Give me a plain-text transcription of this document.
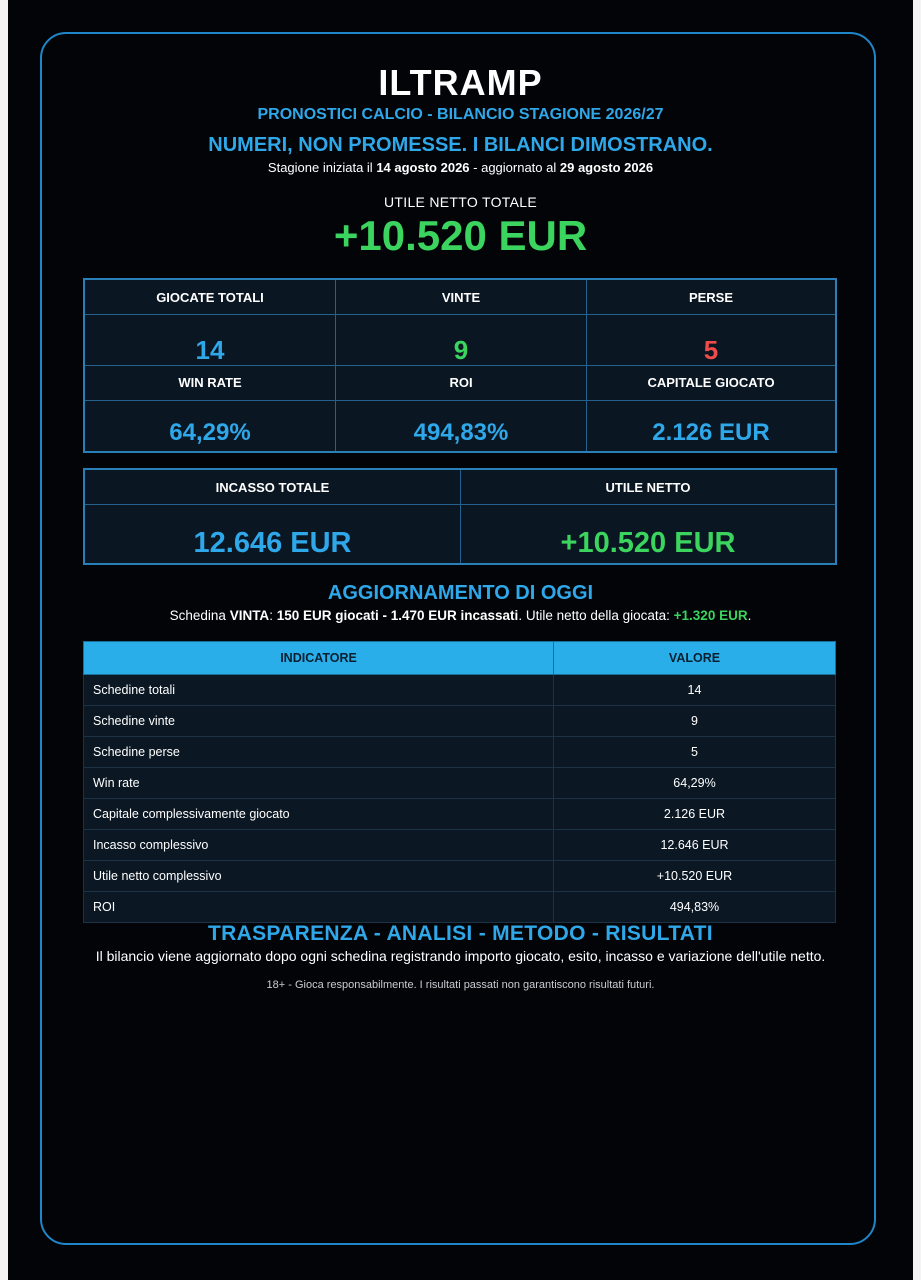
ILTRAMP
PRONOSTICI CALCIO - BILANCIO STAGIONE 2026/27
NUMERI, NON PROMESSE. I BILANCI DIMOSTRANO.
Stagione iniziata il 14 agosto 2026 - aggiornato al 29 agosto 2026
UTILE NETTO TOTALE
+10.520 EUR
GIOCATE TOTALI	VINTE	PERSE
14	9	5
WIN RATE	ROI	CAPITALE GIOCATO
64,29%	494,83%	2.126 EUR
INCASSO TOTALE	UTILE NETTO
12.646 EUR	+10.520 EUR
AGGIORNAMENTO DI OGGI
Schedina VINTA: 150 EUR giocati - 1.470 EUR incassati. Utile netto della giocata: +1.320 EUR.
INDICATORE	VALORE
Schedine totali	14
Schedine vinte	9
Schedine perse	5
Win rate	64,29%
Capitale complessivamente giocato	2.126 EUR
Incasso complessivo	12.646 EUR
Utile netto complessivo	+10.520 EUR
ROI	494,83%
TRASPARENZA - ANALISI - METODO - RISULTATI
Il bilancio viene aggiornato dopo ogni schedina registrando importo giocato, esito, incasso e variazione dell'utile netto.
18+ - Gioca responsabilmente. I risultati passati non garantiscono risultati futuri.
